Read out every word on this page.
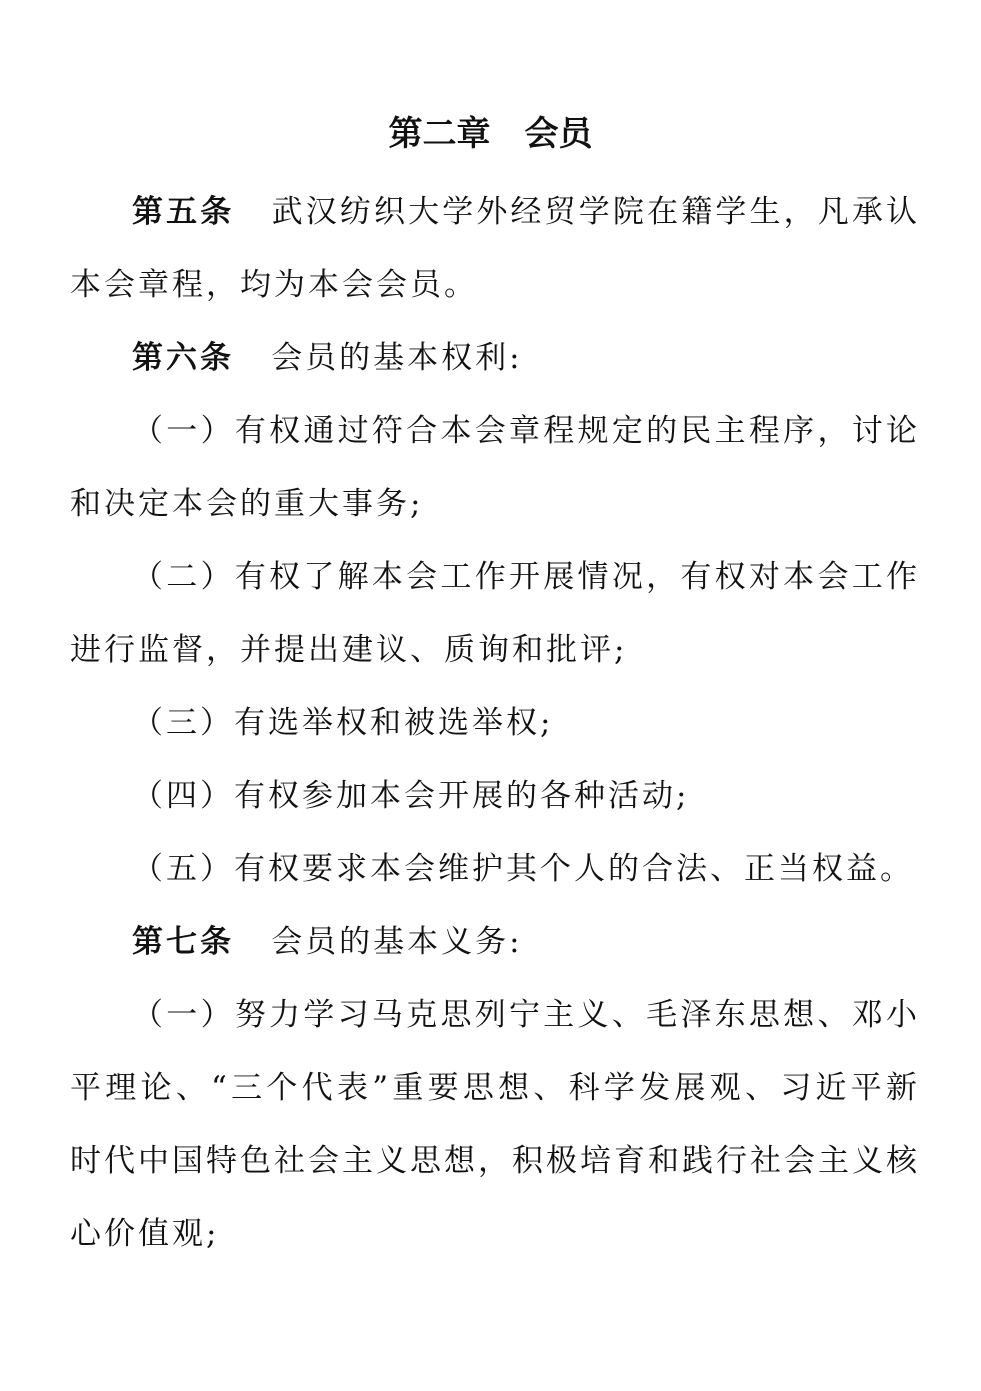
第二章　会员

第五条 武汉纺织大学外经贸学院在籍学生，凡承认本会章程，均为本会会员。

第六条 会员的基本权利:

（一）有权通过符合本会章程规定的民主程序，讨论和决定本会的重大事务;

（二）有权了解本会工作开展情况，有权对本会工作进行监督，并提出建议、质询和批评;

（三）有选举权和被选举权;

（四）有权参加本会开展的各种活动;

（五）有权要求本会维护其个人的合法、正当权益。

第七条 会员的基本义务:

（一）努力学习马克思列宁主义、毛泽东思想、邓小平理论、“三个代表”重要思想、科学发展观、习近平新时代中国特色社会主义思想，积极培育和践行社会主义核心价值观;
